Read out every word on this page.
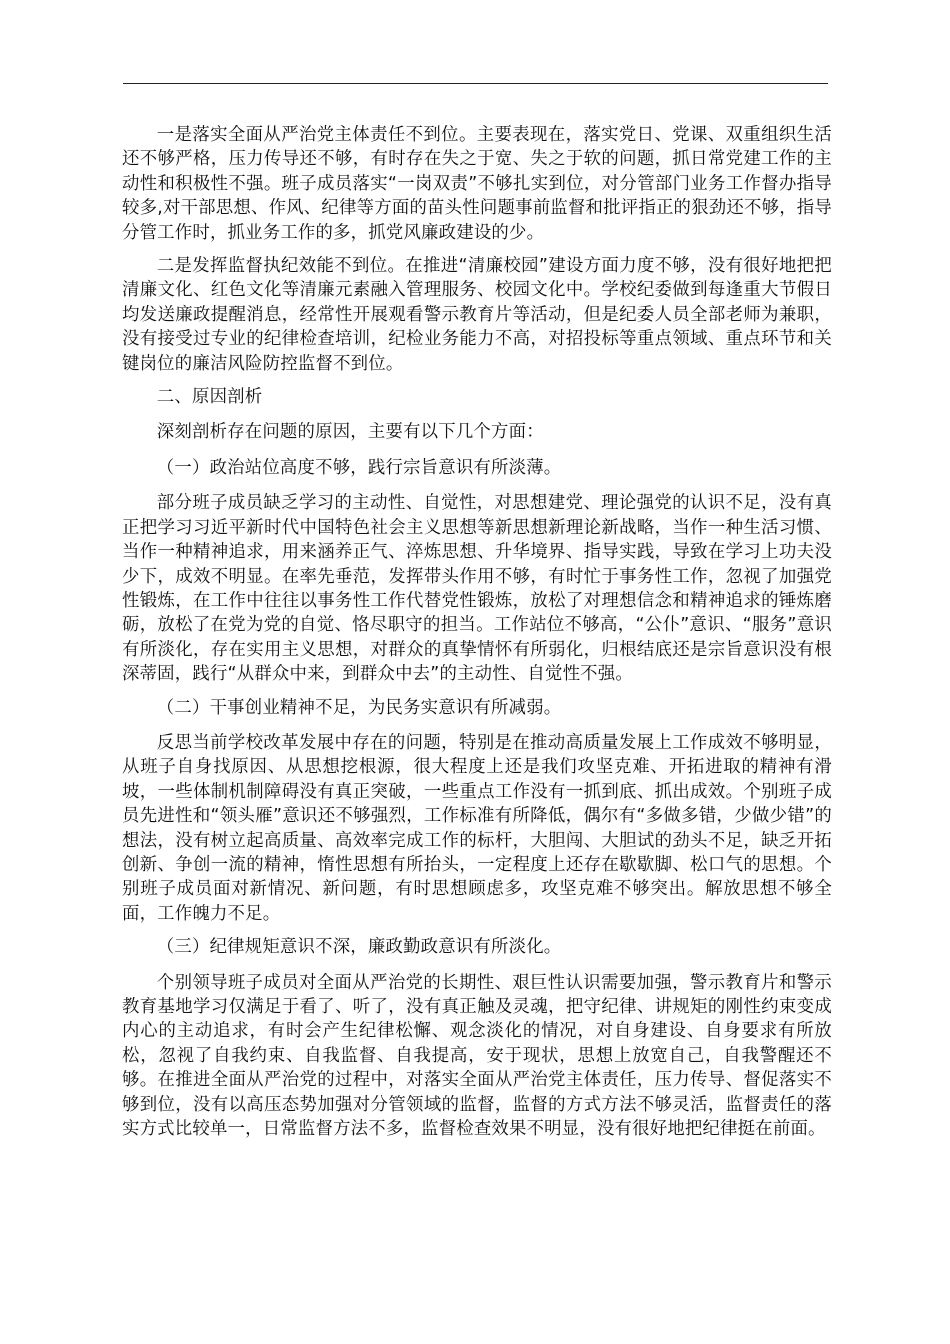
一是落实全面从严治党主体责任不到位。主要表现在，落实党日、党课、双重组织生活还不够严格，压力传导还不够，有时存在失之于宽、失之于软的问题，抓日常党建工作的主动性和积极性不强。班子成员落实“一岗双责”不够扎实到位，对分管部门业务工作督办指导较多,对干部思想、作风、纪律等方面的苗头性问题事前监督和批评指正的狠劲还不够，指导分管工作时，抓业务工作的多，抓党风廉政建设的少。

二是发挥监督执纪效能不到位。在推进“清廉校园”建设方面力度不够，没有很好地把把清廉文化、红色文化等清廉元素融入管理服务、校园文化中。学校纪委做到每逢重大节假日均发送廉政提醒消息，经常性开展观看警示教育片等活动，但是纪委人员全部老师为兼职，没有接受过专业的纪律检查培训，纪检业务能力不高，对招投标等重点领域、重点环节和关键岗位的廉洁风险防控监督不到位。

二、原因剖析

深刻剖析存在问题的原因，主要有以下几个方面：

（一）政治站位高度不够，践行宗旨意识有所淡薄。

部分班子成员缺乏学习的主动性、自觉性，对思想建党、理论强党的认识不足，没有真正把学习习近平新时代中国特色社会主义思想等新思想新理论新战略，当作一种生活习惯、当作一种精神追求，用来涵养正气、淬炼思想、升华境界、指导实践，导致在学习上功夫没少下，成效不明显。在率先垂范，发挥带头作用不够，有时忙于事务性工作，忽视了加强党性锻炼，在工作中往往以事务性工作代替党性锻炼，放松了对理想信念和精神追求的锤炼磨砺，放松了在党为党的自觉、恪尽职守的担当。工作站位不够高，“公仆”意识、“服务”意识有所淡化，存在实用主义思想，对群众的真挚情怀有所弱化，归根结底还是宗旨意识没有根深蒂固，践行“从群众中来，到群众中去”的主动性、自觉性不强。

（二）干事创业精神不足，为民务实意识有所减弱。

反思当前学校改革发展中存在的问题，特别是在推动高质量发展上工作成效不够明显，从班子自身找原因、从思想挖根源，很大程度上还是我们攻坚克难、开拓进取的精神有滑坡，一些体制机制障碍没有真正突破，一些重点工作没有一抓到底、抓出成效。个别班子成员先进性和“领头雁”意识还不够强烈，工作标准有所降低，偶尔有“多做多错，少做少错”的想法，没有树立起高质量、高效率完成工作的标杆，大胆闯、大胆试的劲头不足，缺乏开拓创新、争创一流的精神，惰性思想有所抬头，一定程度上还存在歇歇脚、松口气的思想。个别班子成员面对新情况、新问题，有时思想顾虑多，攻坚克难不够突出。解放思想不够全面，工作魄力不足。

（三）纪律规矩意识不深，廉政勤政意识有所淡化。

个别领导班子成员对全面从严治党的长期性、艰巨性认识需要加强，警示教育片和警示教育基地学习仅满足于看了、听了，没有真正触及灵魂，把守纪律、讲规矩的刚性约束变成内心的主动追求，有时会产生纪律松懈、观念淡化的情况，对自身建设、自身要求有所放松，忽视了自我约束、自我监督、自我提高，安于现状，思想上放宽自己，自我警醒还不够。在推进全面从严治党的过程中，对落实全面从严治党主体责任，压力传导、督促落实不够到位，没有以高压态势加强对分管领域的监督，监督的方式方法不够灵活，监督责任的落实方式比较单一，日常监督方法不多，监督检查效果不明显，没有很好地把纪律挺在前面。
